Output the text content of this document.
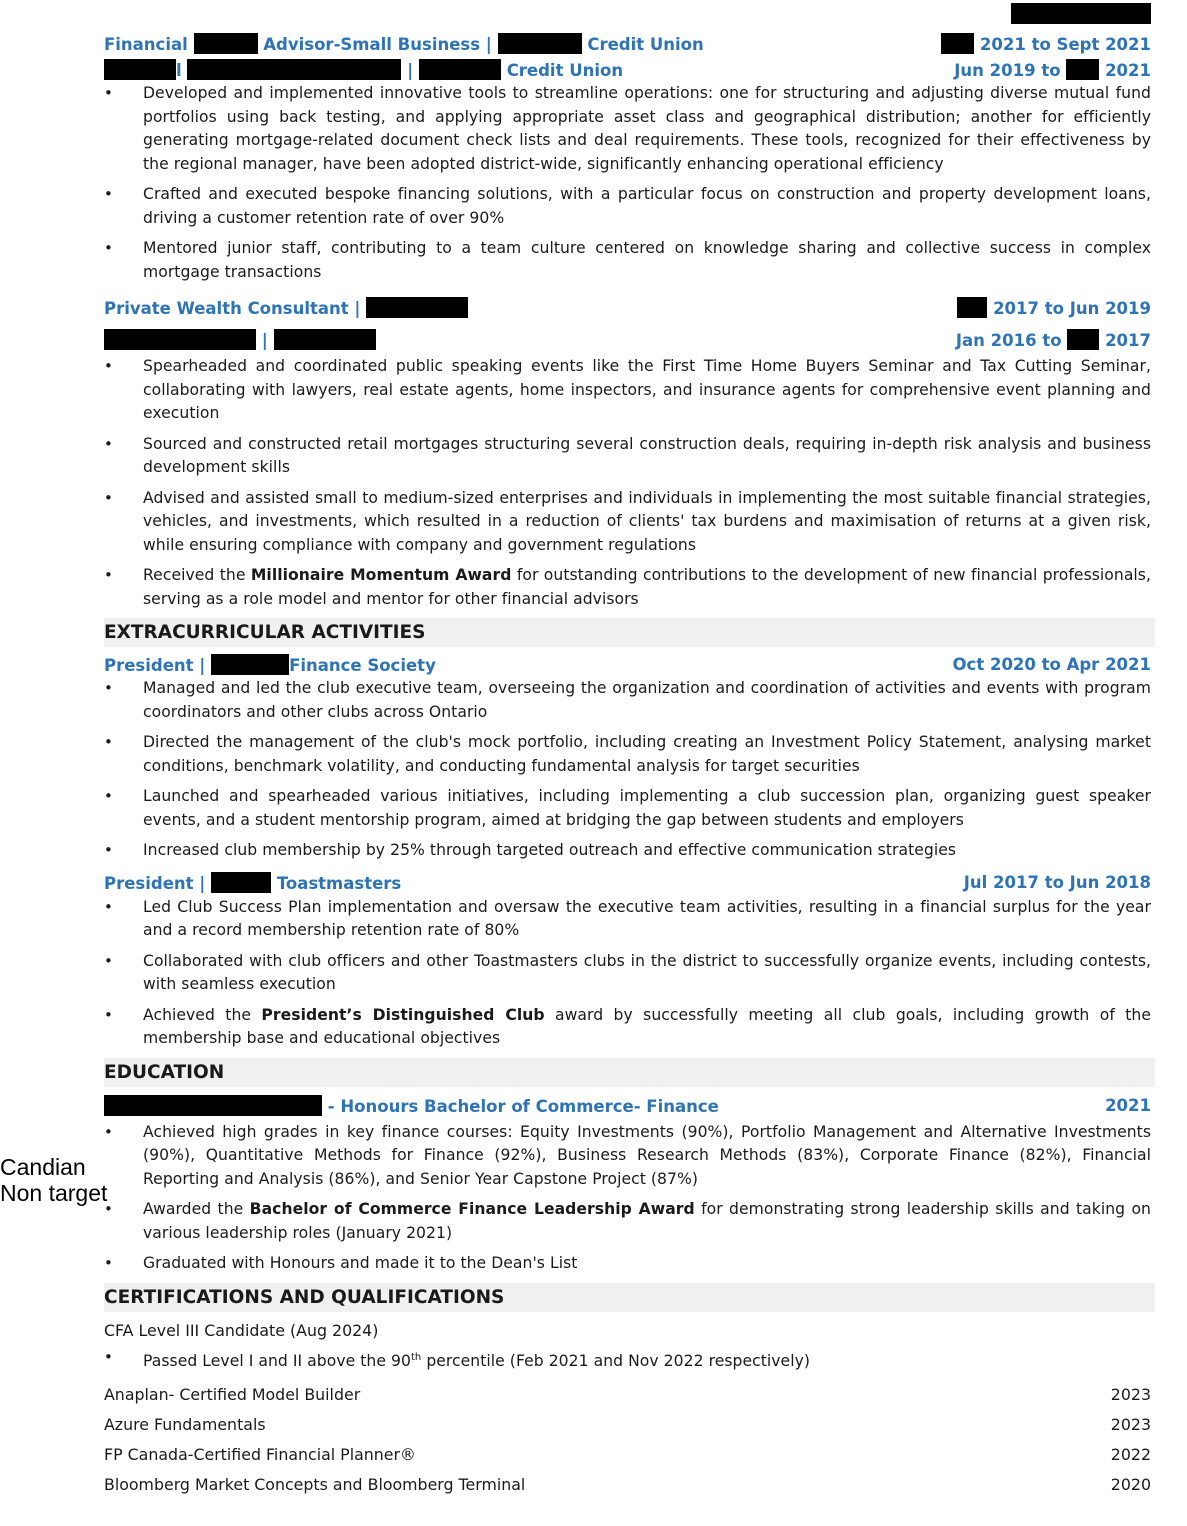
Financial	Advisor-Small Business |	Credit Union	2021 to Sept 2021
l	|	Credit Union	Jun 2019 to	2021
• Developed and implemented innovative tools to streamline operations: one for structuring and adjusting diverse mutual fund portfolios using back testing, and applying appropriate asset class and geographical distribution; another for efficiently generating mortgage-related document check lists and deal requirements. These tools, recognized for their effectiveness by the regional manager, have been adopted district-wide, significantly enhancing operational efficiency
• Crafted and executed bespoke financing solutions, with a particular focus on construction and property development loans, driving a customer retention rate of over 90%
• Mentored junior staff, contributing to a team culture centered on knowledge sharing and collective success in complex mortgage transactions
Private Wealth Consultant |	2017 to Jun 2019
|	Jan 2016 to	2017
• Spearheaded and coordinated public speaking events like the First Time Home Buyers Seminar and Tax Cutting Seminar, collaborating with lawyers, real estate agents, home inspectors, and insurance agents for comprehensive event planning and execution
• Sourced and constructed retail mortgages structuring several construction deals, requiring in-depth risk analysis and business development skills
• Advised and assisted small to medium-sized enterprises and individuals in implementing the most suitable financial strategies, vehicles, and investments, which resulted in a reduction of clients' tax burdens and maximisation of returns at a given risk, while ensuring compliance with company and government regulations
• Received the Millionaire Momentum Award for outstanding contributions to the development of new financial professionals, serving as a role model and mentor for other financial advisors
EXTRACURRICULAR ACTIVITIES
President |	Finance Society	Oct 2020 to Apr 2021
• Managed and led the club executive team, overseeing the organization and coordination of activities and events with program coordinators and other clubs across Ontario
• Directed the management of the club's mock portfolio, including creating an Investment Policy Statement, analysing market conditions, benchmark volatility, and conducting fundamental analysis for target securities
• Launched and spearheaded various initiatives, including implementing a club succession plan, organizing guest speaker events, and a student mentorship program, aimed at bridging the gap between students and employers
• Increased club membership by 25% through targeted outreach and effective communication strategies
President |	Toastmasters	Jul 2017 to Jun 2018
• Led Club Success Plan implementation and oversaw the executive team activities, resulting in a financial surplus for the year and a record membership retention rate of 80%
• Collaborated with club officers and other Toastmasters clubs in the district to successfully organize events, including contests, with seamless execution
• Achieved the President’s Distinguished Club award by successfully meeting all club goals, including growth of the membership base and educational objectives
EDUCATION
- Honours Bachelor of Commerce- Finance	2021
• Achieved high grades in key finance courses: Equity Investments (90%), Portfolio Management and Alternative Investments (90%), Quantitative Methods for Finance (92%), Business Research Methods (83%), Corporate Finance (82%), Financial Reporting and Analysis (86%), and Senior Year Capstone Project (87%)
• Awarded the Bachelor of Commerce Finance Leadership Award for demonstrating strong leadership skills and taking on various leadership roles (January 2021)
• Graduated with Honours and made it to the Dean's List
CERTIFICATIONS AND QUALIFICATIONS
CFA Level III Candidate (Aug 2024)
• Passed Level I and II above the 90th percentile (Feb 2021 and Nov 2022 respectively)
Anaplan- Certified Model Builder	2023
Azure Fundamentals	2023
FP Canada-Certified Financial Planner®	2022
Bloomberg Market Concepts and Bloomberg Terminal	2020
Candian
Non target
